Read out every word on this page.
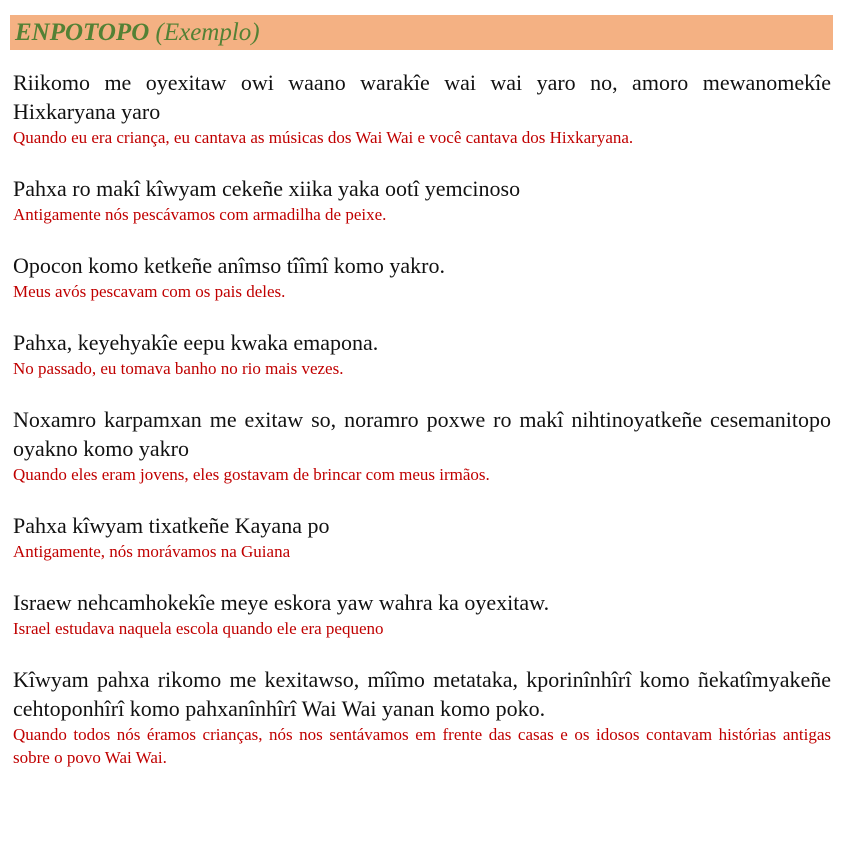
ENPOTOPO (Exemplo)
Riikomo me oyexitaw owi waano warakîe wai wai yaro no, amoro mewanomekîe Hixkaryana yaro
Quando eu era criança, eu cantava as músicas dos Wai Wai e você cantava dos Hixkaryana.
Pahxa ro makî kîwyam cekeñe xiika yaka ootî yemcinoso
Antigamente nós pescávamos com armadilha de peixe.
Opocon komo ketkeñe anîmso tîîmî komo yakro.
Meus avós pescavam com os pais deles.
Pahxa, keyehyakîe eepu kwaka emapona.
No passado, eu tomava banho no rio mais vezes.
Noxamro karpamxan me exitaw so, noramro poxwe ro makî nihtinoyatkeñe cesemanitopo oyakno komo yakro
Quando eles eram jovens, eles gostavam de brincar com meus irmãos.
Pahxa kîwyam tixatkeñe Kayana po
Antigamente, nós morávamos na Guiana
Israew nehcamhokekîe meye eskora yaw wahra ka oyexitaw.
Israel estudava naquela escola quando ele era pequeno
Kîwyam pahxa rikomo me kexitawso, mîîmo metataka, kporinînhîrî komo ñekatîmyakeñe cehtoponhîrî komo pahxanînhîrî Wai Wai yanan komo poko.
Quando todos nós éramos crianças, nós nos sentávamos em frente das casas e os idosos contavam histórias antigas sobre o povo Wai Wai.
